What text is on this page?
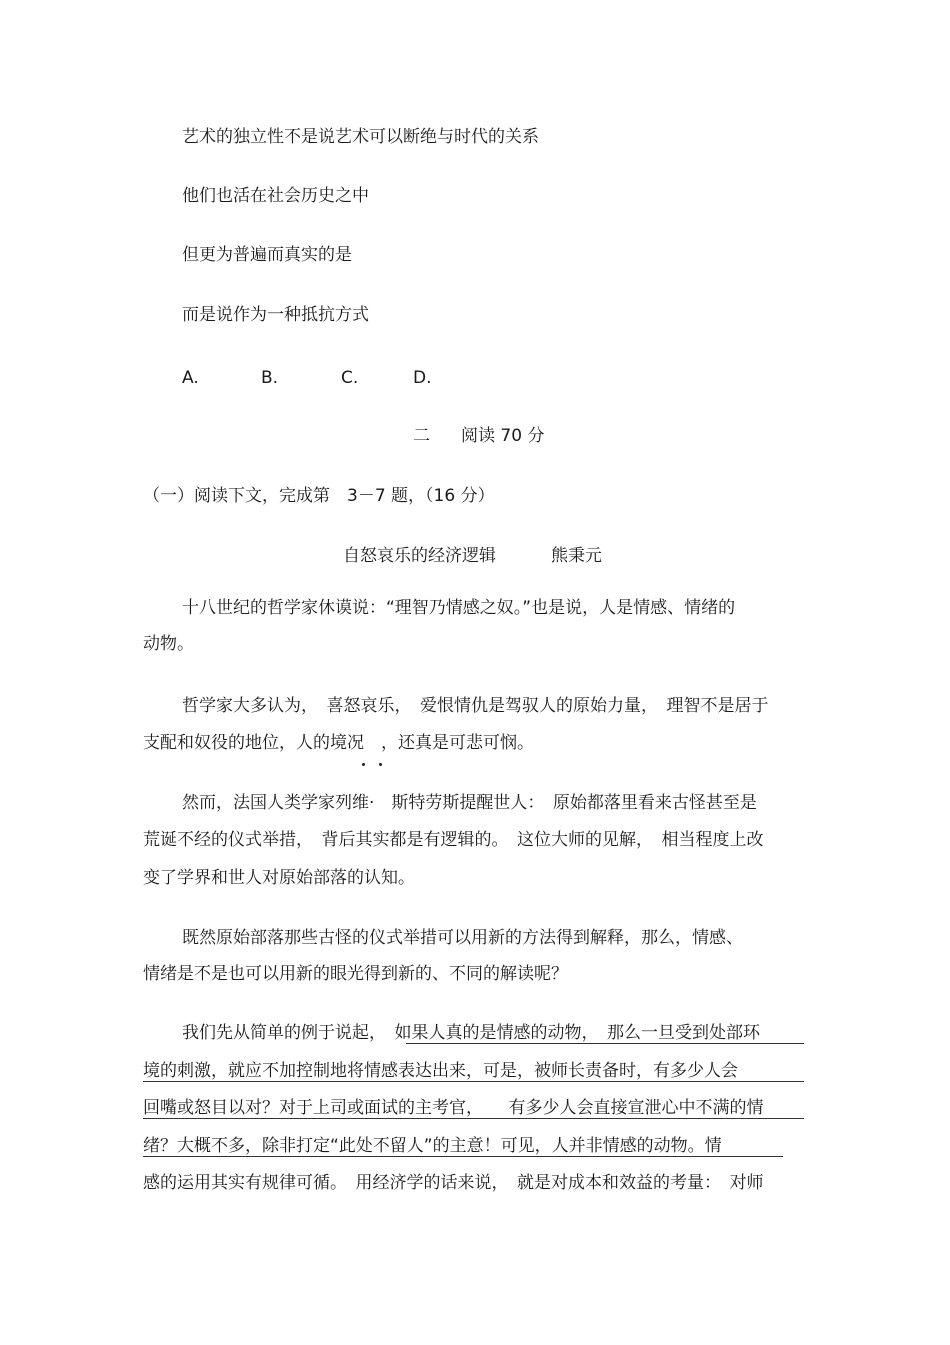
艺术的独立性不是说艺术可以断绝与时代的关系
他们也活在社会历史之中
但更为普遍而真实的是
而是说作为一种抵抗方式
A.	B.	C.	D.
二 阅读 70 分
（一）阅读下文，完成第　3－7 题，（16 分）
自怒哀乐的经济逻辑	熊秉元
十八世纪的哲学家休谟说：“理智乃情感之奴。”也是说，人是情感、情绪的
动物。
哲学家大多认为，　喜怒哀乐，　爱恨情仇是驾驭人的原始力量，　理智不是居于
支配和奴役的地位，人的境况　，还真是可悲可悯。
然而，法国人类学家列维·　斯特劳斯提醒世人：　原始都落里看来古怪甚至是
荒诞不经的仪式举措，　背后其实都是有逻辑的。　这位大师的见解，　相当程度上改
变了学界和世人对原始部落的认知。
既然原始部落那些古怪的仪式举措可以用新的方法得到解释，那么，情感、
情绪是不是也可以用新的眼光得到新的、不同的解读呢？
我们先从简单的例于说起，　如果人真的是情感的动物，　那么一旦受到处部环
境的刺激，就应不加控制地将情感表达出来，可是，被师长责备时，有多少人会
回嘴或怒目以对？对于上司或面试的主考官，　　有多少人会直接宣泄心中不满的情
绪？大概不多，除非打定“此处不留人”的主意！可见，人并非情感的动物。情
感的运用其实有规律可循。　用经济学的话来说，　就是对成本和效益的考量：　对师
